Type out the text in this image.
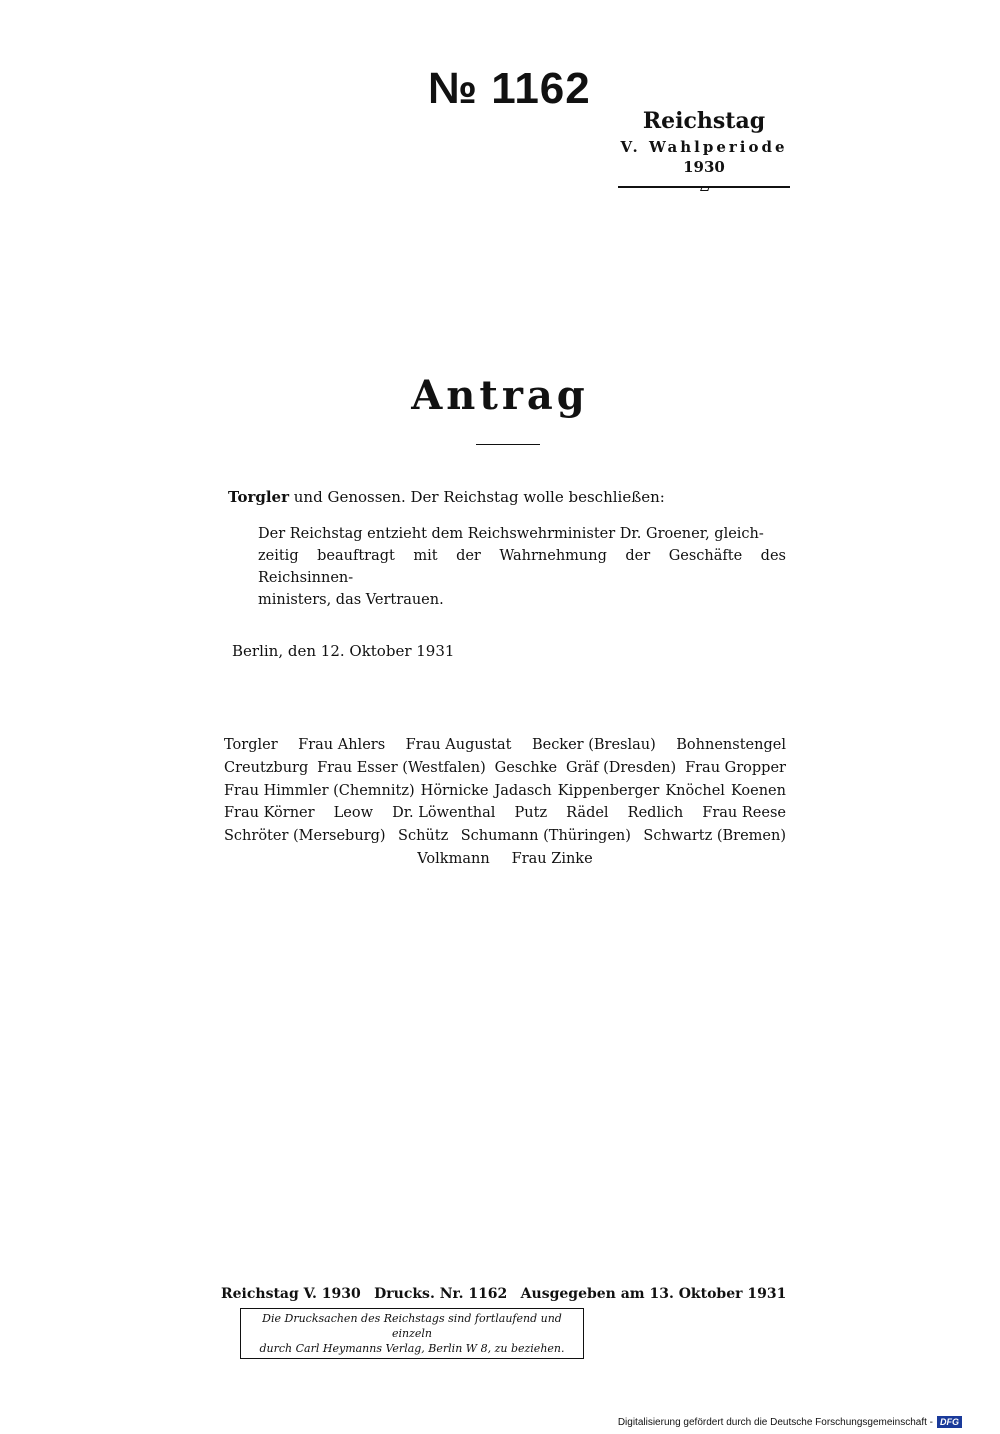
№ 1162
Reichstag
V. Wahlperiode
1930
Antrag
Torgler und Genossen. Der Reichstag wolle beschließen:
Der Reichstag entzieht dem Reichswehrminister Dr. Groener, gleich-
zeitig beauftragt mit der Wahrnehmung der Geschäfte des Reichsinnen-
ministers, das Vertrauen.
Berlin, den 12. Oktober 1931
Torgler Frau Ahlers Frau Augustat Becker (Breslau) Bohnenstengel
Creutzburg Frau Esser (Westfalen) Geschke Gräf (Dresden) Frau Gropper
Frau Himmler (Chemnitz) Hörnicke Jadasch Kippenberger Knöchel Koenen
Frau Körner Leow Dr. Löwenthal Putz Rädel Redlich Frau Reese
Schröter (Merseburg) Schütz Schumann (Thüringen) Schwartz (Bremen)
Volkmann Frau Zinke
Reichstag V. 1930 Drucks. Nr. 1162 Ausgegeben am 13. Oktober 1931
Die Drucksachen des Reichstags sind fortlaufend und einzeln
durch Carl Heymanns Verlag, Berlin W 8, zu beziehen.
Digitalisierung gefördert durch die Deutsche Forschungsgemeinschaft - DFG
